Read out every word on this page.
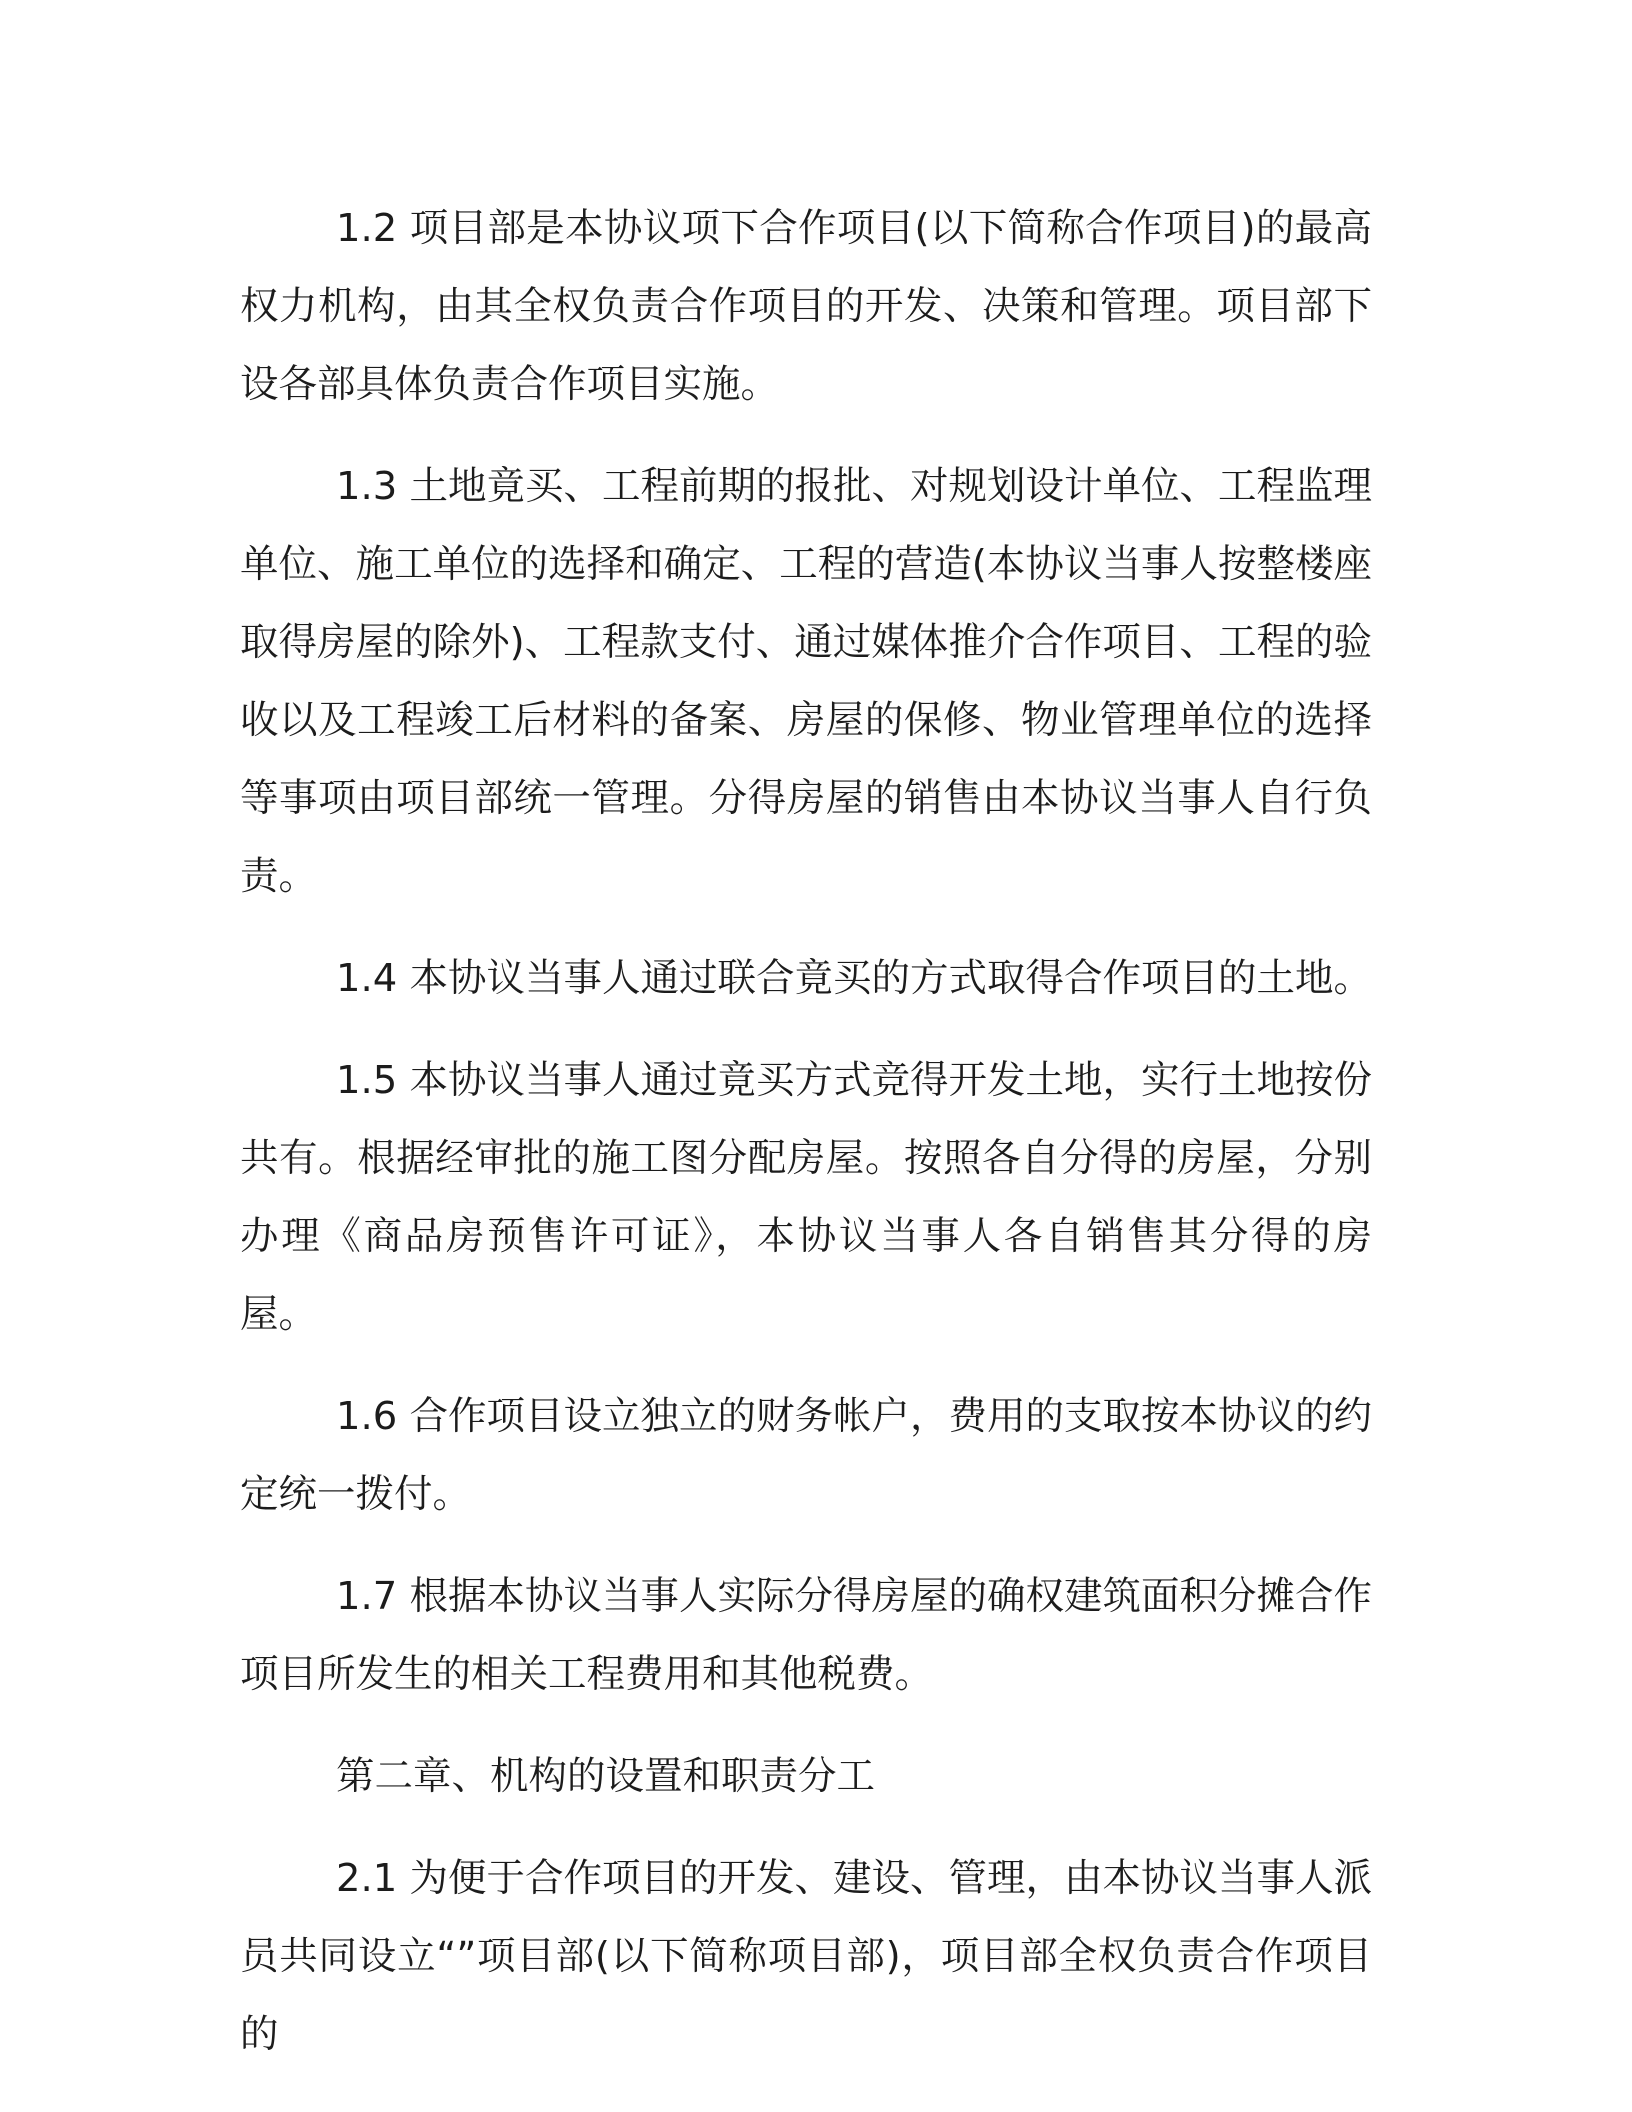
1.2 项目部是本协议项下合作项目(以下简称合作项目)的最高权力机构，由其全权负责合作项目的开发、决策和管理。项目部下设各部具体负责合作项目实施。

1.3 土地竟买、工程前期的报批、对规划设计单位、工程监理单位、施工单位的选择和确定、工程的营造(本协议当事人按整楼座取得房屋的除外)、工程款支付、通过媒体推介合作项目、工程的验收以及工程竣工后材料的备案、房屋的保修、物业管理单位的选择等事项由项目部统一管理。分得房屋的销售由本协议当事人自行负责。

1.4 本协议当事人通过联合竟买的方式取得合作项目的土地。

1.5 本协议当事人通过竟买方式竞得开发土地，实行土地按份共有。根据经审批的施工图分配房屋。按照各自分得的房屋，分别办理《商品房预售许可证》，本协议当事人各自销售其分得的房屋。

1.6 合作项目设立独立的财务帐户，费用的支取按本协议的约定统一拨付。

1.7 根据本协议当事人实际分得房屋的确权建筑面积分摊合作项目所发生的相关工程费用和其他税费。

第二章、机构的设置和职责分工

2.1 为便于合作项目的开发、建设、管理，由本协议当事人派员共同设立“”项目部(以下简称项目部)，项目部全权负责合作项目的
